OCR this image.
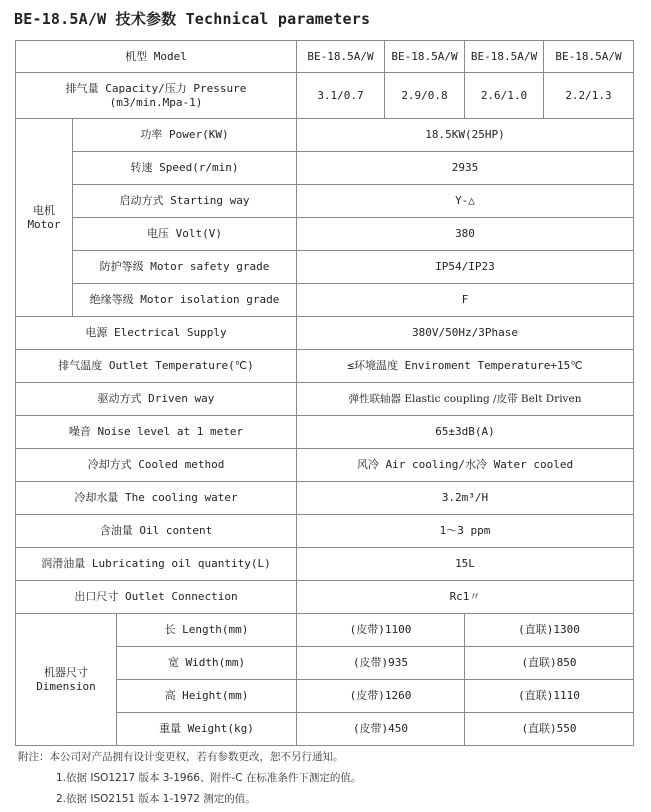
BE-18.5A/W 技术参数 Technical parameters
机型 Model			BE-18.5A/W	BE-18.5A/W	BE-18.5A/W	BE-18.5A/W

排气量 Capacity/压力 Pressure
(m3/min.Mpa-1)			3.1/0.7	2.9/0.8	2.6/1.0	2.2/1.3

电机
Motor	功率 Power(KW)		18.5KW(25HP)			
	转速 Speed(r/min)		2935			
	启动方式 Starting way		Y-△			
	电压 Volt(V)		380			
	防护等级 Motor safety grade		IP54/IP23			
	绝缘等级 Motor isolation grade		F			
电源 Electrical Supply			380V/50Hz/3Phase			
排气温度 Outlet Temperature(℃)			≤环境温度 Enviroment Temperature+15℃			
驱动方式 Driven way			弹性联轴器 Elastic coupling /皮带 Belt Driven			
噪音 Noise level at 1 meter			65±3dB(A)			
冷却方式 Cooled method			风冷 Air cooling/水冷 Water cooled			
冷却水量 The cooling water			3.2m³/H			
含油量 Oil content			1～3 ppm			
润滑油量 Lubricating oil quantity(L)			15L			
出口尺寸 Outlet Connection			Rc1〃			

机器尺寸
Dimension		长 Length(mm)	(皮带)1100		(直联)1300	
		宽 Width(mm)	(皮带)935		(直联)850	
		高 Height(mm)	(皮带)1260		(直联)1110	
		重量 Weight(kg)	(皮带)450		(直联)550	
附注：本公司对产品拥有设计变更权，若有参数更改，恕不另行通知。
1.依据 ISO1217 版本 3-1966、附件-C 在标准条件下测定的值。
2.依据 ISO2151 版本 1-1972 测定的值。
